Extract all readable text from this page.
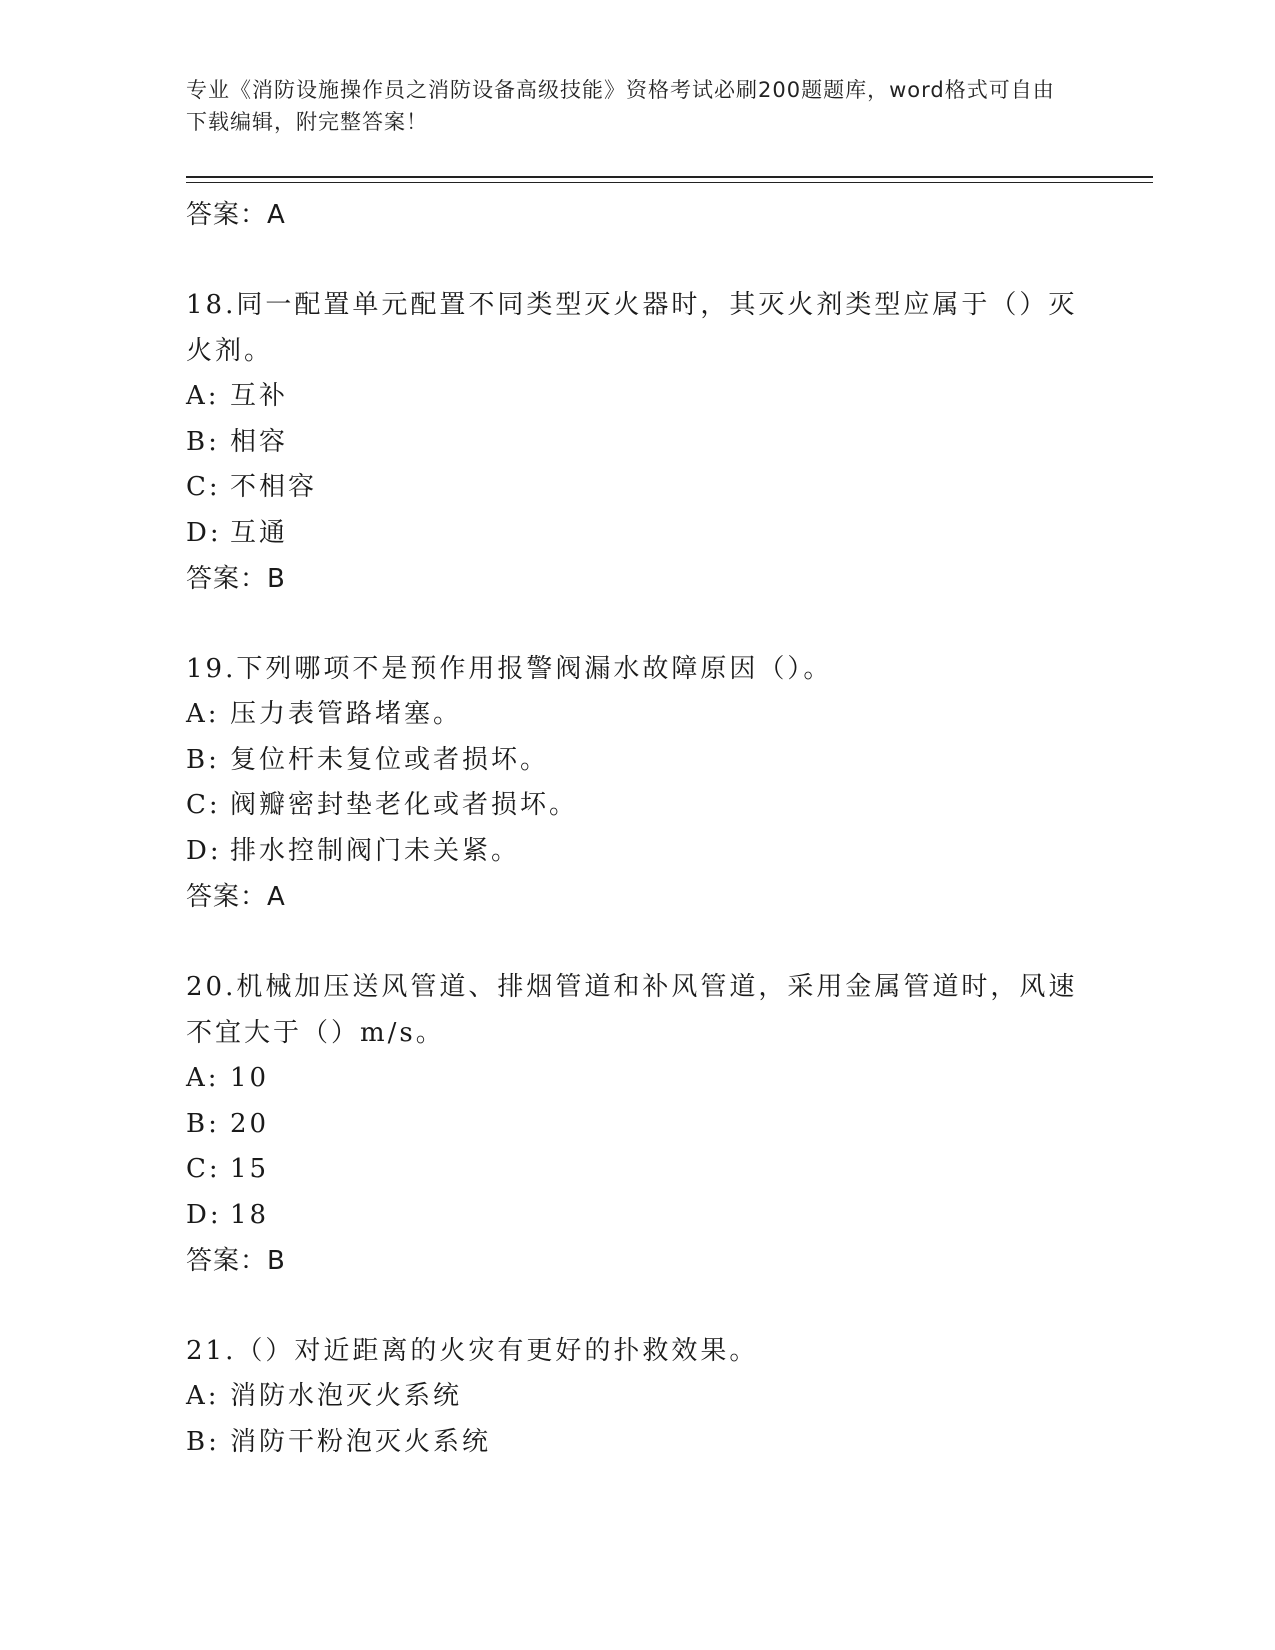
专业《消防设施操作员之消防设备高级技能》资格考试必刷200题题库，word格式可自由下载编辑，附完整答案！
答案：A
18.同一配置单元配置不同类型灭火器时，其灭火剂类型应属于（）灭火剂。
A: 互补
B: 相容
C: 不相容
D: 互通
答案：B
19.下列哪项不是预作用报警阀漏水故障原因（）。
A: 压力表管路堵塞。
B: 复位杆未复位或者损坏。
C: 阀瓣密封垫老化或者损坏。
D: 排水控制阀门未关紧。
答案：A
20.机械加压送风管道、排烟管道和补风管道，采用金属管道时，风速不宜大于（）m/s。
A: 10
B: 20
C: 15
D: 18
答案：B
21.（）对近距离的火灾有更好的扑救效果。
A: 消防水泡灭火系统
B: 消防干粉泡灭火系统
